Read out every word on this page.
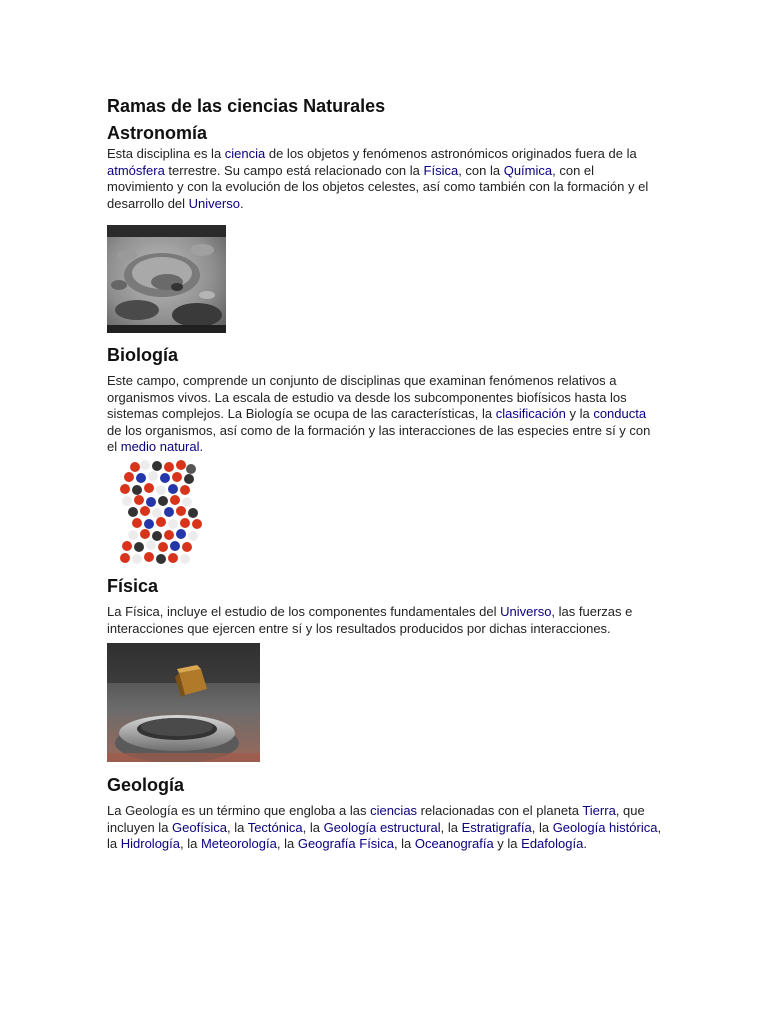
Ramas de las ciencias Naturales
Astronomía

Esta disciplina es la ciencia de los objetos y fenómenos astronómicos originados fuera de la atmósfera terrestre. Su campo está relacionado con la Física, con la Química, con el movimiento y con la evolución de los objetos celestes, así como también con la formación y el desarrollo del Universo.

Biología

Este campo, comprende un conjunto de disciplinas que examinan fenómenos relativos a organismos vivos. La escala de estudio va desde los subcomponentes biofísicos hasta los sistemas complejos. La Biología se ocupa de las características, la clasificación y la conducta de los organismos, así como de la formación y las interacciones de las especies entre sí y con el medio natural.

Física

La Física, incluye el estudio de los componentes fundamentales del Universo, las fuerzas e interacciones que ejercen entre sí y los resultados producidos por dichas interacciones.

Geología

La Geología es un término que engloba a las ciencias relacionadas con el planeta Tierra, que incluyen la Geofísica, la Tectónica, la Geología estructural, la Estratigrafía, la Geología histórica, la Hidrología, la Meteorología, la Geografía Física, la Oceanografía y la Edafología.
